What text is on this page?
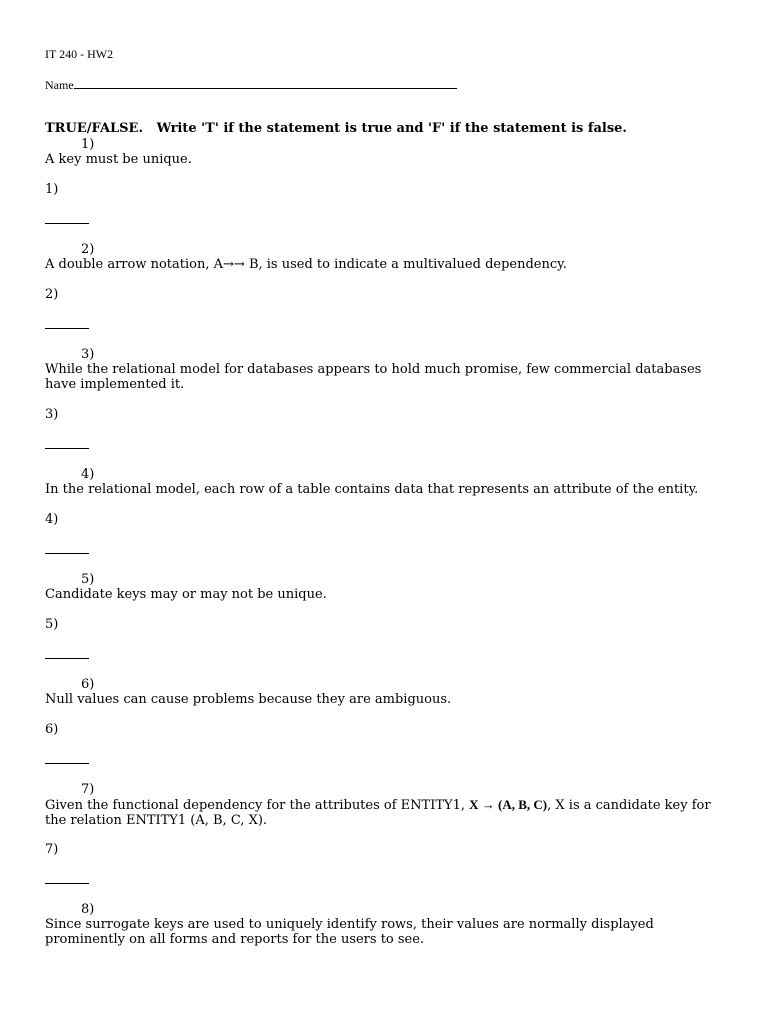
IT 240 - HW2
Name
TRUE/FALSE.   Write 'T' if the statement is true and 'F' if the statement is false.
1)
A key must be unique.
1)
2)
A double arrow notation, A→→ B, is used to indicate a multivalued dependency.
2)
3)
While the relational model for databases appears to hold much promise, few commercial databases have implemented it.
3)
4)
In the relational model, each row of a table contains data that represents an attribute of the entity.
4)
5)
Candidate keys may or may not be unique.
5)
6)
Null values can cause problems because they are ambiguous.
6)
7)
Given the functional dependency for the attributes of ENTITY1, X → (A, B, C), X is a candidate key for the relation ENTITY1 (A, B, C, X).
7)
8)
Since surrogate keys are used to uniquely identify rows, their values are normally displayed prominently on all forms and reports for the users to see.
